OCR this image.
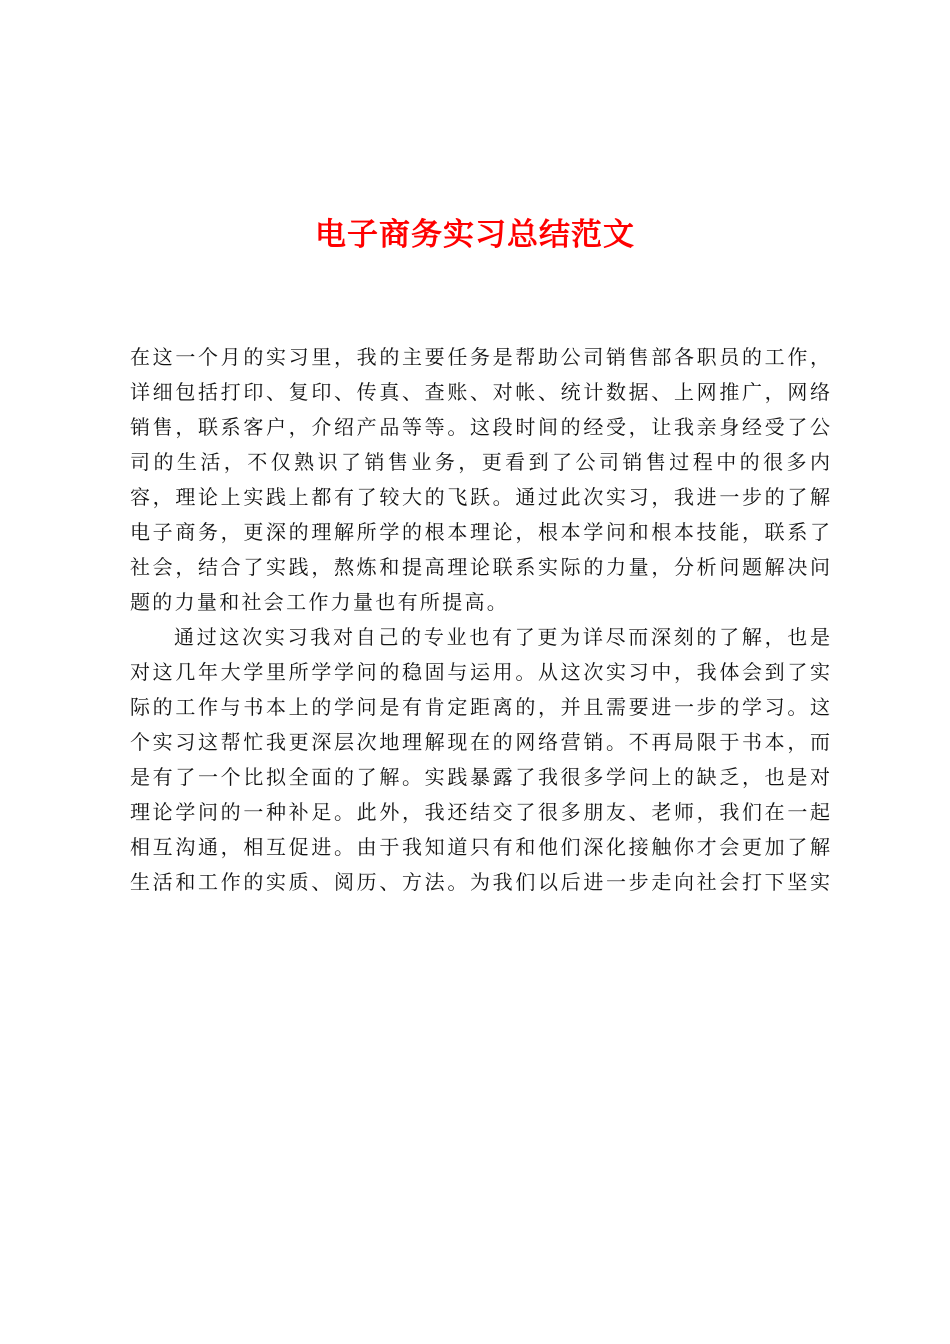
电子商务实习总结范文
在这一个月的实习里，我的主要任务是帮助公司销售部各职员的工作，
详细包括打印、复印、传真、查账、对帐、统计数据、上网推广，网络
销售，联系客户，介绍产品等等。这段时间的经受，让我亲身经受了公
司的生活，不仅熟识了销售业务，更看到了公司销售过程中的很多内
容，理论上实践上都有了较大的飞跃。通过此次实习，我进一步的了解
电子商务，更深的理解所学的根本理论，根本学问和根本技能，联系了
社会，结合了实践，熬炼和提高理论联系实际的力量，分析问题解决问
题的力量和社会工作力量也有所提高。
通过这次实习我对自己的专业也有了更为详尽而深刻的了解，也是
对这几年大学里所学学问的稳固与运用。从这次实习中，我体会到了实
际的工作与书本上的学问是有肯定距离的，并且需要进一步的学习。这
个实习这帮忙我更深层次地理解现在的网络营销。不再局限于书本，而
是有了一个比拟全面的了解。实践暴露了我很多学问上的缺乏，也是对
理论学问的一种补足。此外，我还结交了很多朋友、老师，我们在一起
相互沟通，相互促进。由于我知道只有和他们深化接触你才会更加了解
生活和工作的实质、阅历、方法。为我们以后进一步走向社会打下坚实
